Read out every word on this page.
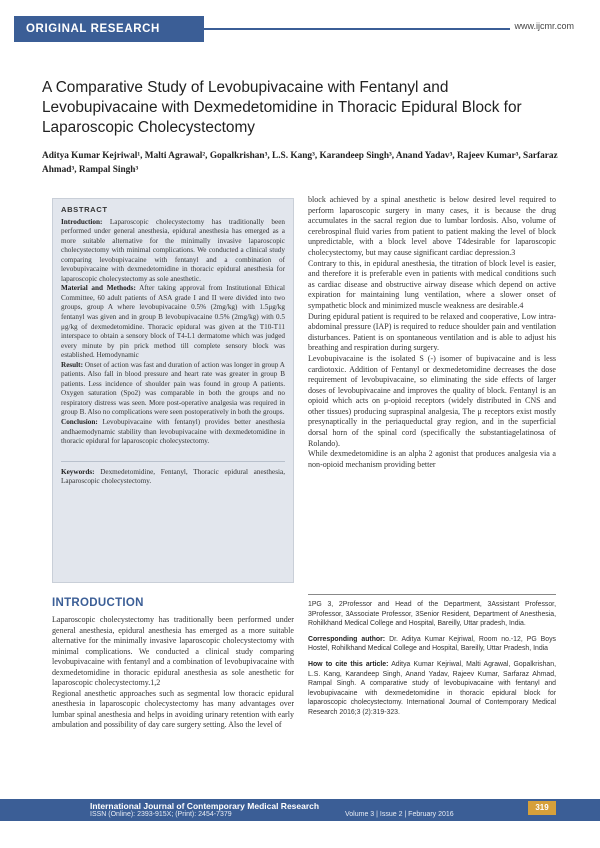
ORIGINAL RESEARCH	www.ijcmr.com
A Comparative Study of Levobupivacaine with Fentanyl and Levobupivacaine with Dexmedetomidine in Thoracic Epidural Block for Laparoscopic Cholecystectomy
Aditya Kumar Kejriwal¹, Malti Agrawal², Gopalkrishan³, L.S. Kang³, Karandeep Singh³, Anand Yadav³, Rajeev Kumar³, Sarfaraz Ahmad³, Rampal Singh³
ABSTRACT

Introduction: Laparoscopic cholecystectomy has traditionally been performed under general anesthesia, epidural anesthesia has emerged as a more suitable alternative for the minimally invasive laparoscopic cholecystectomy with minimal complications. We conducted a clinical study comparing levobupivacaine with fentanyl and a combination of levobupivacaine with dexmedetomidine in thoracic epidural anesthesia for laparoscopic cholecystectomy as sole anesthetic.

Material and Methods: After taking approval from Institutional Ethical Committee, 60 adult patients of ASA grade I and II were divided into two groups, group A where levobupivacaine 0.5% (2mg/kg) with 1.5μg/kg fentanyl was given and in group B levobupivacaine 0.5% (2mg/kg) with 0.5 μg/kg of dexmedetomidine. Thoracic epidural was given at the T10-T11 interspace to obtain a sensory block of T4-L1 dermatome which was judged every minute by pin prick method till complete sensory block was established. Hemodynamic

Result: Onset of action was fast and duration of action was longer in group A patients. Also fall in blood pressure and heart rate was greater in group B patients. Less incidence of shoulder pain was found in group A patients. Oxygen saturation (Spo2) was comparable in both the groups and no respiratory distress was seen. More post-operative analgesia was required in group B. Also no complications were seen postoperatively in both the groups.

Conclusion: Levobupivacaine with fentanyl) provides better anesthesia andhaemodynamic stability than levobupivacaine with dexmedetomidine in thoracic epidural for laparoscopic cholecystectomy.

Keywords: Dexmedetomidine, Fentanyl, Thoracic epidural anesthesia, Laparoscopic cholecystectomy.

INTRODUCTION

Laparoscopic cholecystectomy has traditionally been performed under general anesthesia, epidural anesthesia has emerged as a more suitable alternative for the minimally invasive laparoscopic cholecystectomy with minimal complications. We conducted a clinical study comparing levobupivacaine with fentanyl and a combination of levobupivacaine with dexmedetomidine in thoracic epidural anesthesia as sole anesthetic for laparoscopic cholecystectomy.1,2

Regional anesthetic approaches such as segmental low thoracic epidural anesthesia in laparoscopic cholecystectomy has many advantages over lumbar spinal anesthesia and helps in avoiding urinary retention with early ambulation and possibility of day care surgery setting. Also the level of

block achieved by a spinal anesthetic is below desired level required to perform laparoscopic surgery in many cases, it is because the drug accumulates in the sacral region due to lumbar lordosis. Also, volume of cerebrospinal fluid varies from patient to patient making the level of block unpredictable, with a block level above T4desirable for laparoscopic cholecystectomy, but may cause significant cardiac depression.3

Contrary to this, in epidural anesthesia, the titration of block level is easier, and therefore it is preferable even in patients with medical conditions such as cardiac disease and obstructive airway disease which depend on active expiration for maintaining lung ventilation, where a slower onset of sympathetic block and minimized muscle weakness are desirable.4

During epidural patient is required to be relaxed and cooperative, Low intra-abdominal pressure (IAP) is required to reduce shoulder pain and ventilation disturbances. Patient is on spontaneous ventilation and is able to adjust his breathing and respiration during surgery.

Levobupivacaine is the isolated S (-) isomer of bupivacaine and is less cardiotoxic. Addition of Fentanyl or dexmedetomidine decreases the dose requirement of levobupivacaine, so eliminating the side effects of larger doses of levobupivacaine and improves the quality of block. Fentanyl is an opioid which acts on μ-opioid receptors (widely distributed in CNS and other tissues) producing supraspinal analgesia, The μ receptors exist mostly presynaptically in the periaqueductal gray region, and in the superficial dorsal horn of the spinal cord (specifically the substantiagelatinosa of Rolando).

While dexmedetomidine is an alpha 2 agonist that produces analgesia via a non-opioid mechanism providing better

1PG 3, 2Professor and Head of the Department, 3Assistant Professor, 3Professor, 3Associate Professor, 3Senior Resident, Department of Anesthesia, Rohilkhand Medical College and Hospital, Bareilly, Uttar pradesh, India.

Corresponding author: Dr. Aditya Kumar Kejriwal, Room no.-12, PG Boys Hostel, Rohilkhand Medical College and Hospital, Bareilly, Uttar Pradesh, India

How to cite this article: Aditya Kumar Kejriwal, Malti Agrawal, Gopalkrishan, L.S. Kang, Karandeep Singh, Anand Yadav, Rajeev Kumar, Sarfaraz Ahmad, Rampal Singh. A comparative study of levobupivacaine with fentanyl and levobupivacaine with dexmedetomidine in thoracic epidural block for laparoscopic cholecystectomy. International Journal of Contemporary Medical Research 2016;3 (2):319-323.

International Journal of Contemporary Medical Research
ISSN (Online): 2393-915X; (Print): 2454-7379	Volume 3 | Issue 2 | February 2016
319
